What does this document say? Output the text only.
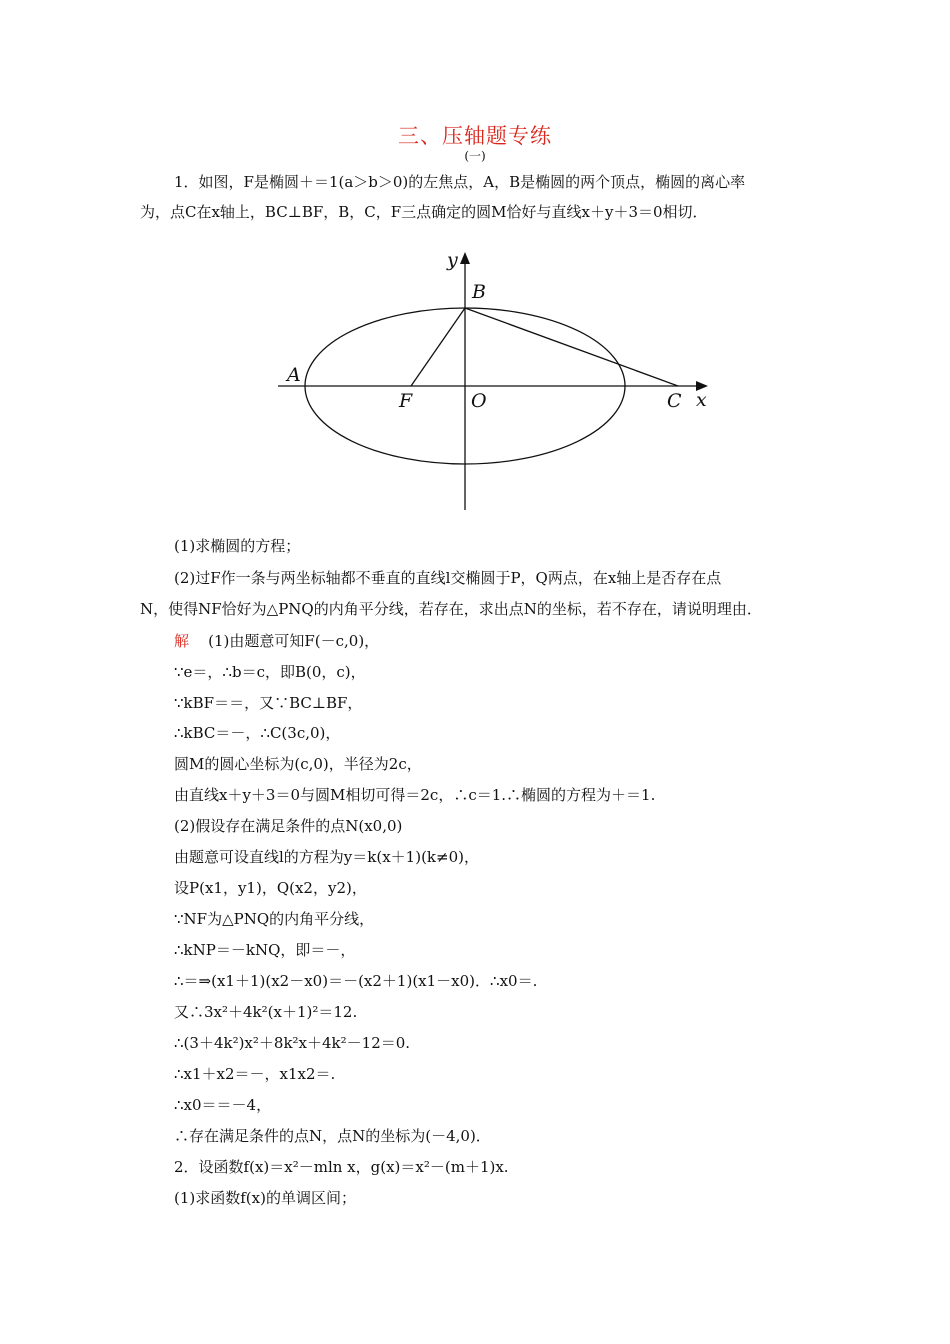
三、压轴题专练
(一)
1．如图，F是椭圆＋＝1(a＞b＞0)的左焦点，A，B是椭圆的两个顶点，椭圆的离心率
为，点C在x轴上，BC⊥BF，B，C，F三点确定的圆M恰好与直线x＋y＋3＝0相切．
y
x
B
A
F	O	C
(1)求椭圆的方程；
(2)过F作一条与两坐标轴都不垂直的直线l交椭圆于P，Q两点，在x轴上是否存在点
N，使得NF恰好为△PNQ的内角平分线，若存在，求出点N的坐标，若不存在，请说明理由．
解 (1)由题意可知F(－c,0)，
∵e＝，∴b＝c，即B(0，c)，
∵kBF＝＝，又∵BC⊥BF，
∴kBC＝－，∴C(3c,0)，
圆M的圆心坐标为(c,0)，半径为2c，
由直线x＋y＋3＝0与圆M相切可得＝2c，∴c＝1.∴椭圆的方程为＋＝1.
(2)假设存在满足条件的点N(x0,0)
由题意可设直线l的方程为y＝k(x＋1)(k≠0)，
设P(x1，y1)，Q(x2，y2)，
∵NF为△PNQ的内角平分线，
∴kNP＝－kNQ，即＝－，
∴＝⇒(x1＋1)(x2－x0)＝－(x2＋1)(x1－x0)．∴x0＝.
又∴3x²＋4k²(x＋1)²＝12.
∴(3＋4k²)x²＋8k²x＋4k²－12＝0.
∴x1＋x2＝－，x1x2＝.
∴x0＝＝－4，
∴存在满足条件的点N，点N的坐标为(－4,0)．
2．设函数f(x)＝x²－mln x，g(x)＝x²－(m＋1)x.
(1)求函数f(x)的单调区间；
